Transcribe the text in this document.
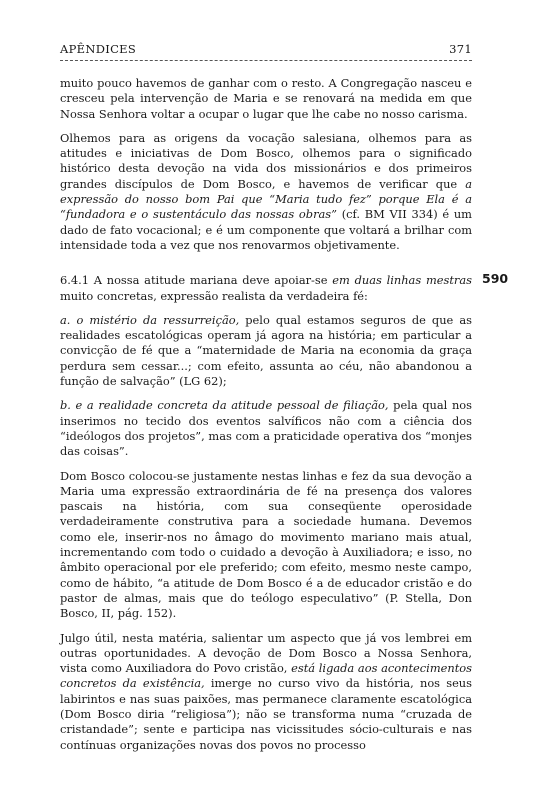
APÊNDICES	371
590

muito pouco havemos de ganhar com o resto. A Congregação nasceu e cresceu pela intervenção de Maria e se renovará na medida em que Nossa Senhora voltar a ocupar o lugar que lhe cabe no nosso carisma.

Olhemos para as origens da vocação salesiana, olhemos para as atitudes e iniciativas de Dom Bosco, olhemos para o significado histórico desta devoção na vida dos missionários e dos primeiros grandes discípulos de Dom Bosco, e havemos de verificar que a expressão do nosso bom Pai que “Maria tudo fez” porque Ela é a “fundadora e o sustentáculo das nossas obras” (cf. BM VII 334) é um dado de fato vocacional; e é um componente que voltará a brilhar com intensidade toda a vez que nos renovarmos objetivamente.

6.4.1 A nossa atitude mariana deve apoiar-se em duas linhas mestras muito concretas, expressão realista da verdadeira fé:

a. o mistério da ressurreição, pelo qual estamos seguros de que as realidades escatológicas operam já agora na história; em particular a convicção de fé que a “maternidade de Maria na economia da graça perdura sem cessar...; com efeito, assunta ao céu, não abandonou a função de salvação” (LG 62);

b. e a realidade concreta da atitude pessoal de filiação, pela qual nos inserimos no tecido dos eventos salvíficos não com a ciência dos “ideólogos dos projetos”, mas com a praticidade operativa dos “monjes das coisas”.

Dom Bosco colocou-se justamente nestas linhas e fez da sua devoção a Maria uma expressão extraordinária de fé na presença dos valores pascais na história, com sua conseqüente operosidade verdadeiramente construtiva para a sociedade humana. Devemos como ele, inserir-nos no âmago do movimento mariano mais atual, incrementando com todo o cuidado a devoção à Auxiliadora; e isso, no âmbito operacional por ele preferido; com efeito, mesmo neste campo, como de hábito, “a atitude de Dom Bosco é a de educador cristão e do pastor de almas, mais que do teólogo especulativo” (P. Stella, Don Bosco, II, pág. 152).

Julgo útil, nesta matéria, salientar um aspecto que já vos lembrei em outras oportunidades. A devoção de Dom Bosco a Nossa Senhora, vista como Auxiliadora do Povo cristão, está ligada aos acontecimentos concretos da existência, imerge no curso vivo da história, nos seus labirintos e nas suas paixões, mas permanece claramente escatológica (Dom Bosco diria “religiosa”); não se transforma numa “cruzada de cristandade”; sente e participa nas vicissitudes sócio-culturais e nas contínuas organizações novas dos povos no processo
